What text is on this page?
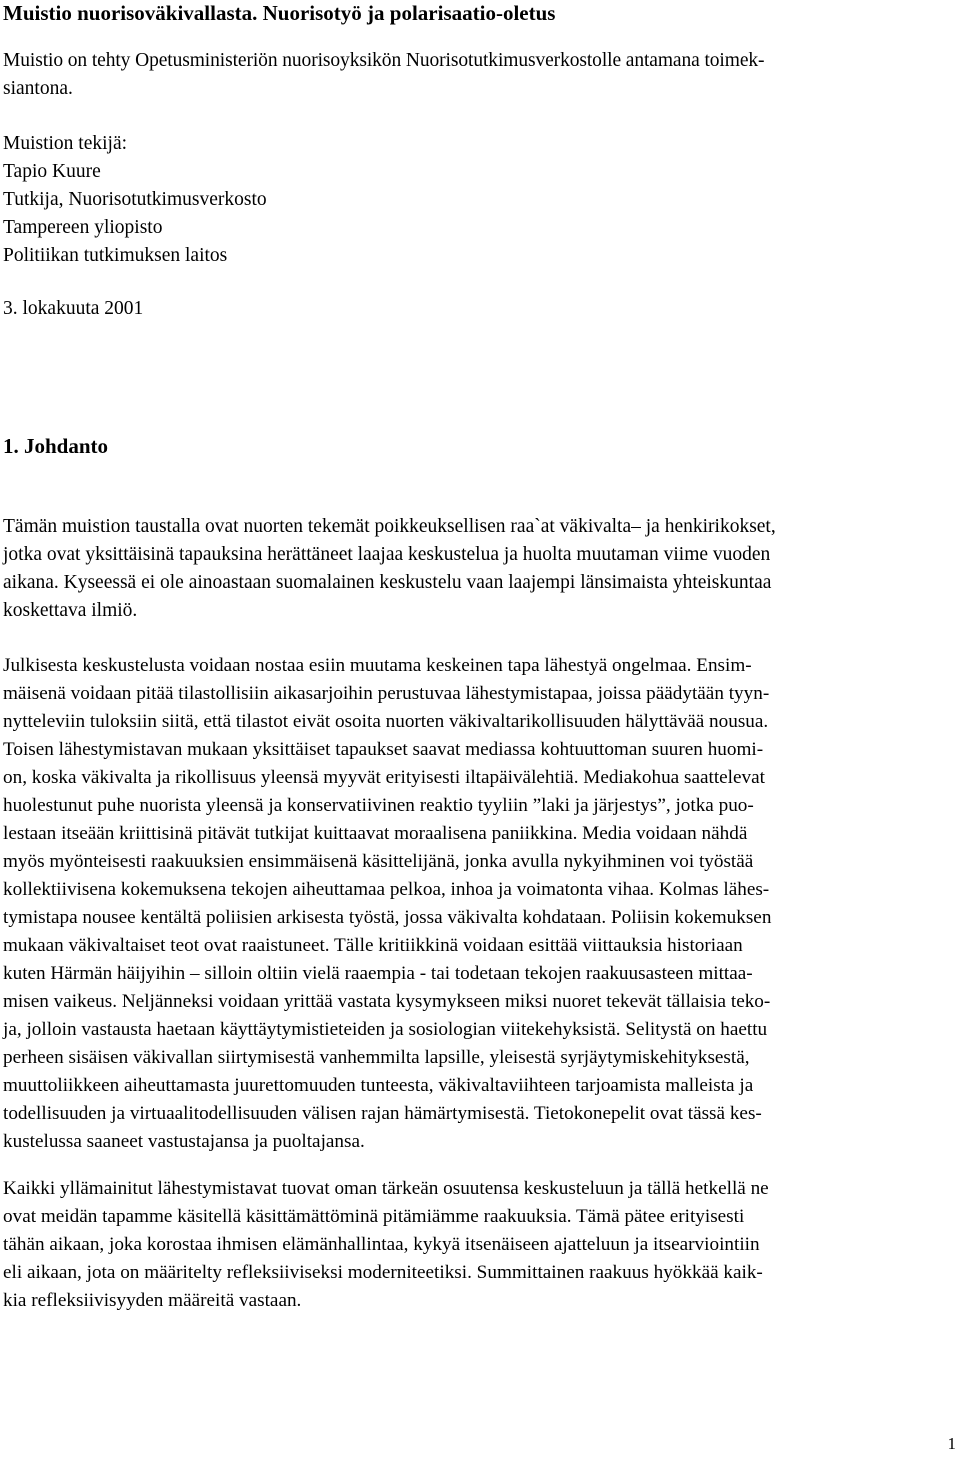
Muistio nuorisoväkivallasta. Nuorisotyö ja polarisaatio-oletus
Muistio on tehty Opetusministeriön nuorisoyksikön Nuorisotutkimusverkostolle antamana toimek-
siantona.
Muistion tekijä:
Tapio Kuure
Tutkija, Nuorisotutkimusverkosto
Tampereen yliopisto
Politiikan tutkimuksen laitos
3. lokakuuta 2001
1. Johdanto
Tämän muistion taustalla ovat nuorten tekemät poikkeuksellisen raa`at väkivalta– ja henkirikokset,
jotka ovat yksittäisinä tapauksina herättäneet laajaa keskustelua ja huolta muutaman viime vuoden
aikana. Kyseessä ei ole ainoastaan suomalainen keskustelu vaan laajempi länsimaista yhteiskuntaa
koskettava ilmiö.
Julkisesta keskustelusta voidaan nostaa esiin muutama keskeinen tapa lähestyä ongelmaa. Ensim-
mäisenä voidaan pitää tilastollisiin aikasarjoihin perustuvaa lähestymistapaa, joissa päädytään tyyn-
nytteleviin tuloksiin siitä, että tilastot eivät osoita nuorten väkivaltarikollisuuden hälyttävää nousua.
Toisen lähestymistavan mukaan yksittäiset tapaukset saavat mediassa kohtuuttoman suuren huomi-
on, koska väkivalta ja rikollisuus yleensä myyvät erityisesti iltapäivälehtiä. Mediakohua saattelevat
huolestunut puhe nuorista yleensä ja konservatiivinen reaktio tyyliin ”laki ja järjestys”, jotka puo-
lestaan itseään kriittisinä pitävät tutkijat kuittaavat moraalisena paniikkina. Media voidaan nähdä
myös myönteisesti raakuuksien ensimmäisenä käsittelijänä, jonka avulla nykyihminen voi työstää
kollektiivisena kokemuksena tekojen aiheuttamaa pelkoa, inhoa ja voimatonta vihaa. Kolmas lähes-
tymistapa nousee kentältä poliisien arkisesta työstä, jossa väkivalta kohdataan. Poliisin kokemuksen
mukaan väkivaltaiset teot ovat raaistuneet. Tälle kritiikkinä voidaan esittää viittauksia historiaan
kuten Härmän häijyihin – silloin oltiin vielä raaempia - tai todetaan tekojen raakuusasteen mittaa-
misen vaikeus. Neljänneksi voidaan yrittää vastata kysymykseen miksi nuoret tekevät tällaisia teko-
ja, jolloin vastausta haetaan käyttäytymistieteiden ja sosiologian viitekehyksistä. Selitystä on haettu
perheen sisäisen väkivallan siirtymisestä vanhemmilta lapsille, yleisestä syrjäytymiskehityksestä,
muuttoliikkeen aiheuttamasta juurettomuuden tunteesta, väkivaltaviihteen tarjoamista malleista ja
todellisuuden ja virtuaalitodellisuuden välisen rajan hämärtymisestä. Tietokonepelit ovat tässä kes-
kustelussa saaneet vastustajansa ja puoltajansa.
Kaikki yllämainitut lähestymistavat tuovat oman tärkeän osuutensa keskusteluun ja tällä hetkellä ne
ovat meidän tapamme käsitellä käsittämättöminä pitämiämme raakuuksia. Tämä pätee erityisesti
tähän aikaan, joka korostaa ihmisen elämänhallintaa, kykyä itsenäiseen ajatteluun ja itsearviointiin
eli aikaan, jota on määritelty refleksiiviseksi moderniteetiksi. Summittainen raakuus hyökkää kaik-
kia refleksiivisyyden määreitä vastaan.
1
